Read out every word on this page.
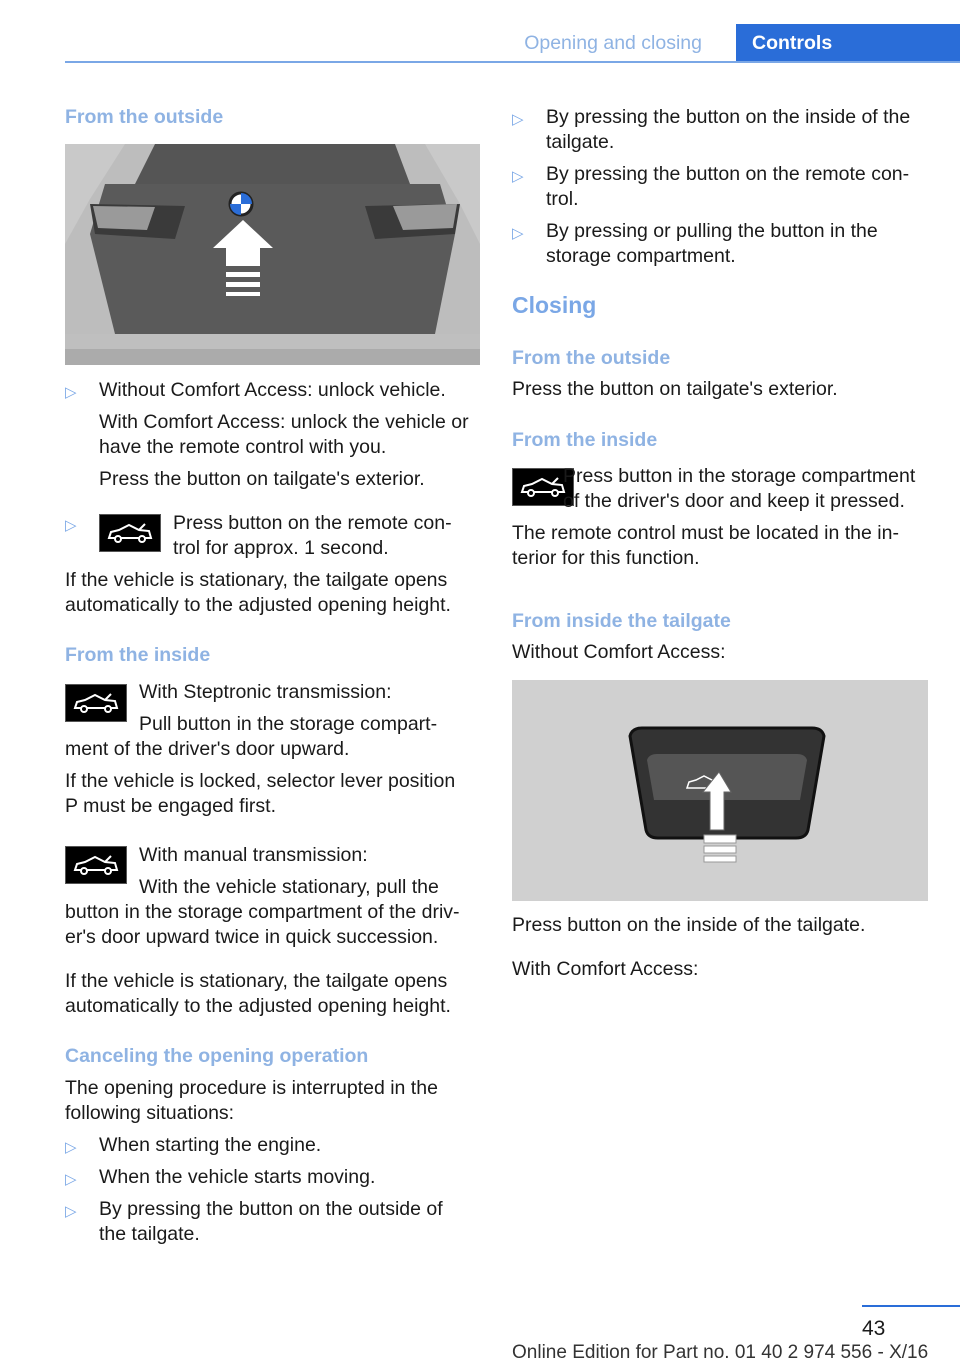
Opening and closing	Controls
From the outside
▷ Without Comfort Access: unlock vehicle.
With Comfort Access: unlock the vehicle or
have the remote control with you.
Press the button on tailgate's exterior.
▷	Press button on the remote con-
trol for approx. 1 second.
If the vehicle is stationary, the tailgate opens
automatically to the adjusted opening height.
From the inside
With Steptronic transmission:
Pull button in the storage compart-
ment of the driver's door upward.
If the vehicle is locked, selector lever position
P must be engaged first.
With manual transmission:
With the vehicle stationary, pull the
button in the storage compartment of the driv-
er's door upward twice in quick succession.
If the vehicle is stationary, the tailgate opens
automatically to the adjusted opening height.
Canceling the opening operation
The opening procedure is interrupted in the
following situations:
▷ When starting the engine.
▷ When the vehicle starts moving.
▷ By pressing the button on the outside of
the tailgate.
▷ By pressing the button on the inside of the
tailgate.
▷ By pressing the button on the remote con-
trol.
▷ By pressing or pulling the button in the
storage compartment.
Closing
From the outside
Press the button on tailgate's exterior.
From the inside
Press button in the storage compartment
of the driver's door and keep it pressed.
The remote control must be located in the in-
terior for this function.
From inside the tailgate
Without Comfort Access:
Press button on the inside of the tailgate.
With Comfort Access:
43
Online Edition for Part no. 01 40 2 974 556 - X/16
